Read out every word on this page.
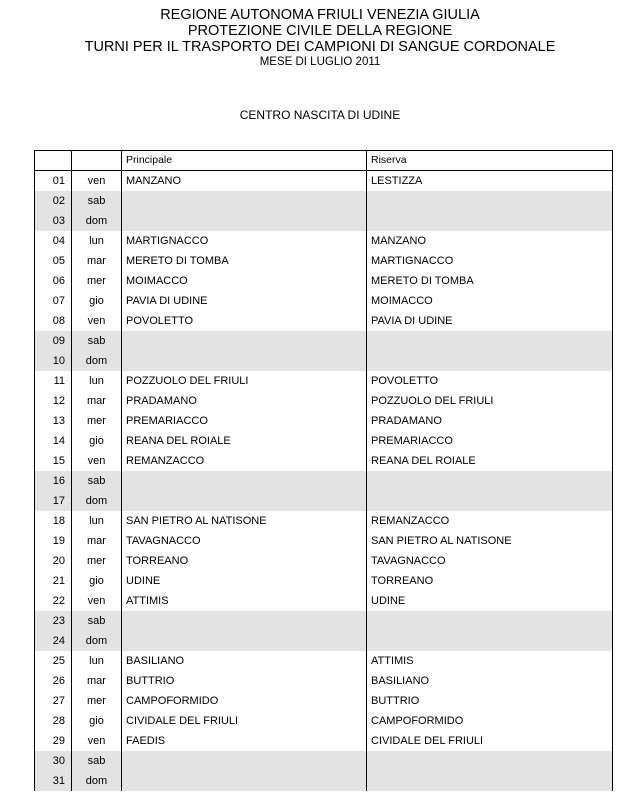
REGIONE AUTONOMA FRIULI VENEZIA GIULIA
PROTEZIONE CIVILE DELLA REGIONE
TURNI PER IL TRASPORTO DEI CAMPIONI DI SANGUE CORDONALE
MESE DI LUGLIO 2011
CENTRO NASCITA DI UDINE
		Principale	Riserva
01	ven	MANZANO	LESTIZZA
02	sab		
03	dom		
04	lun	MARTIGNACCO	MANZANO
05	mar	MERETO DI TOMBA	MARTIGNACCO
06	mer	MOIMACCO	MERETO DI TOMBA
07	gio	PAVIA DI UDINE	MOIMACCO
08	ven	POVOLETTO	PAVIA DI UDINE
09	sab		
10	dom		
11	lun	POZZUOLO DEL FRIULI	POVOLETTO
12	mar	PRADAMANO	POZZUOLO DEL FRIULI
13	mer	PREMARIACCO	PRADAMANO
14	gio	REANA DEL ROIALE	PREMARIACCO
15	ven	REMANZACCO	REANA DEL ROIALE
16	sab		
17	dom		
18	lun	SAN PIETRO AL NATISONE	REMANZACCO
19	mar	TAVAGNACCO	SAN PIETRO AL NATISONE
20	mer	TORREANO	TAVAGNACCO
21	gio	UDINE	TORREANO
22	ven	ATTIMIS	UDINE
23	sab		
24	dom		
25	lun	BASILIANO	ATTIMIS
26	mar	BUTTRIO	BASILIANO
27	mer	CAMPOFORMIDO	BUTTRIO
28	gio	CIVIDALE DEL FRIULI	CAMPOFORMIDO
29	ven	FAEDIS	CIVIDALE DEL FRIULI
30	sab		
31	dom		
